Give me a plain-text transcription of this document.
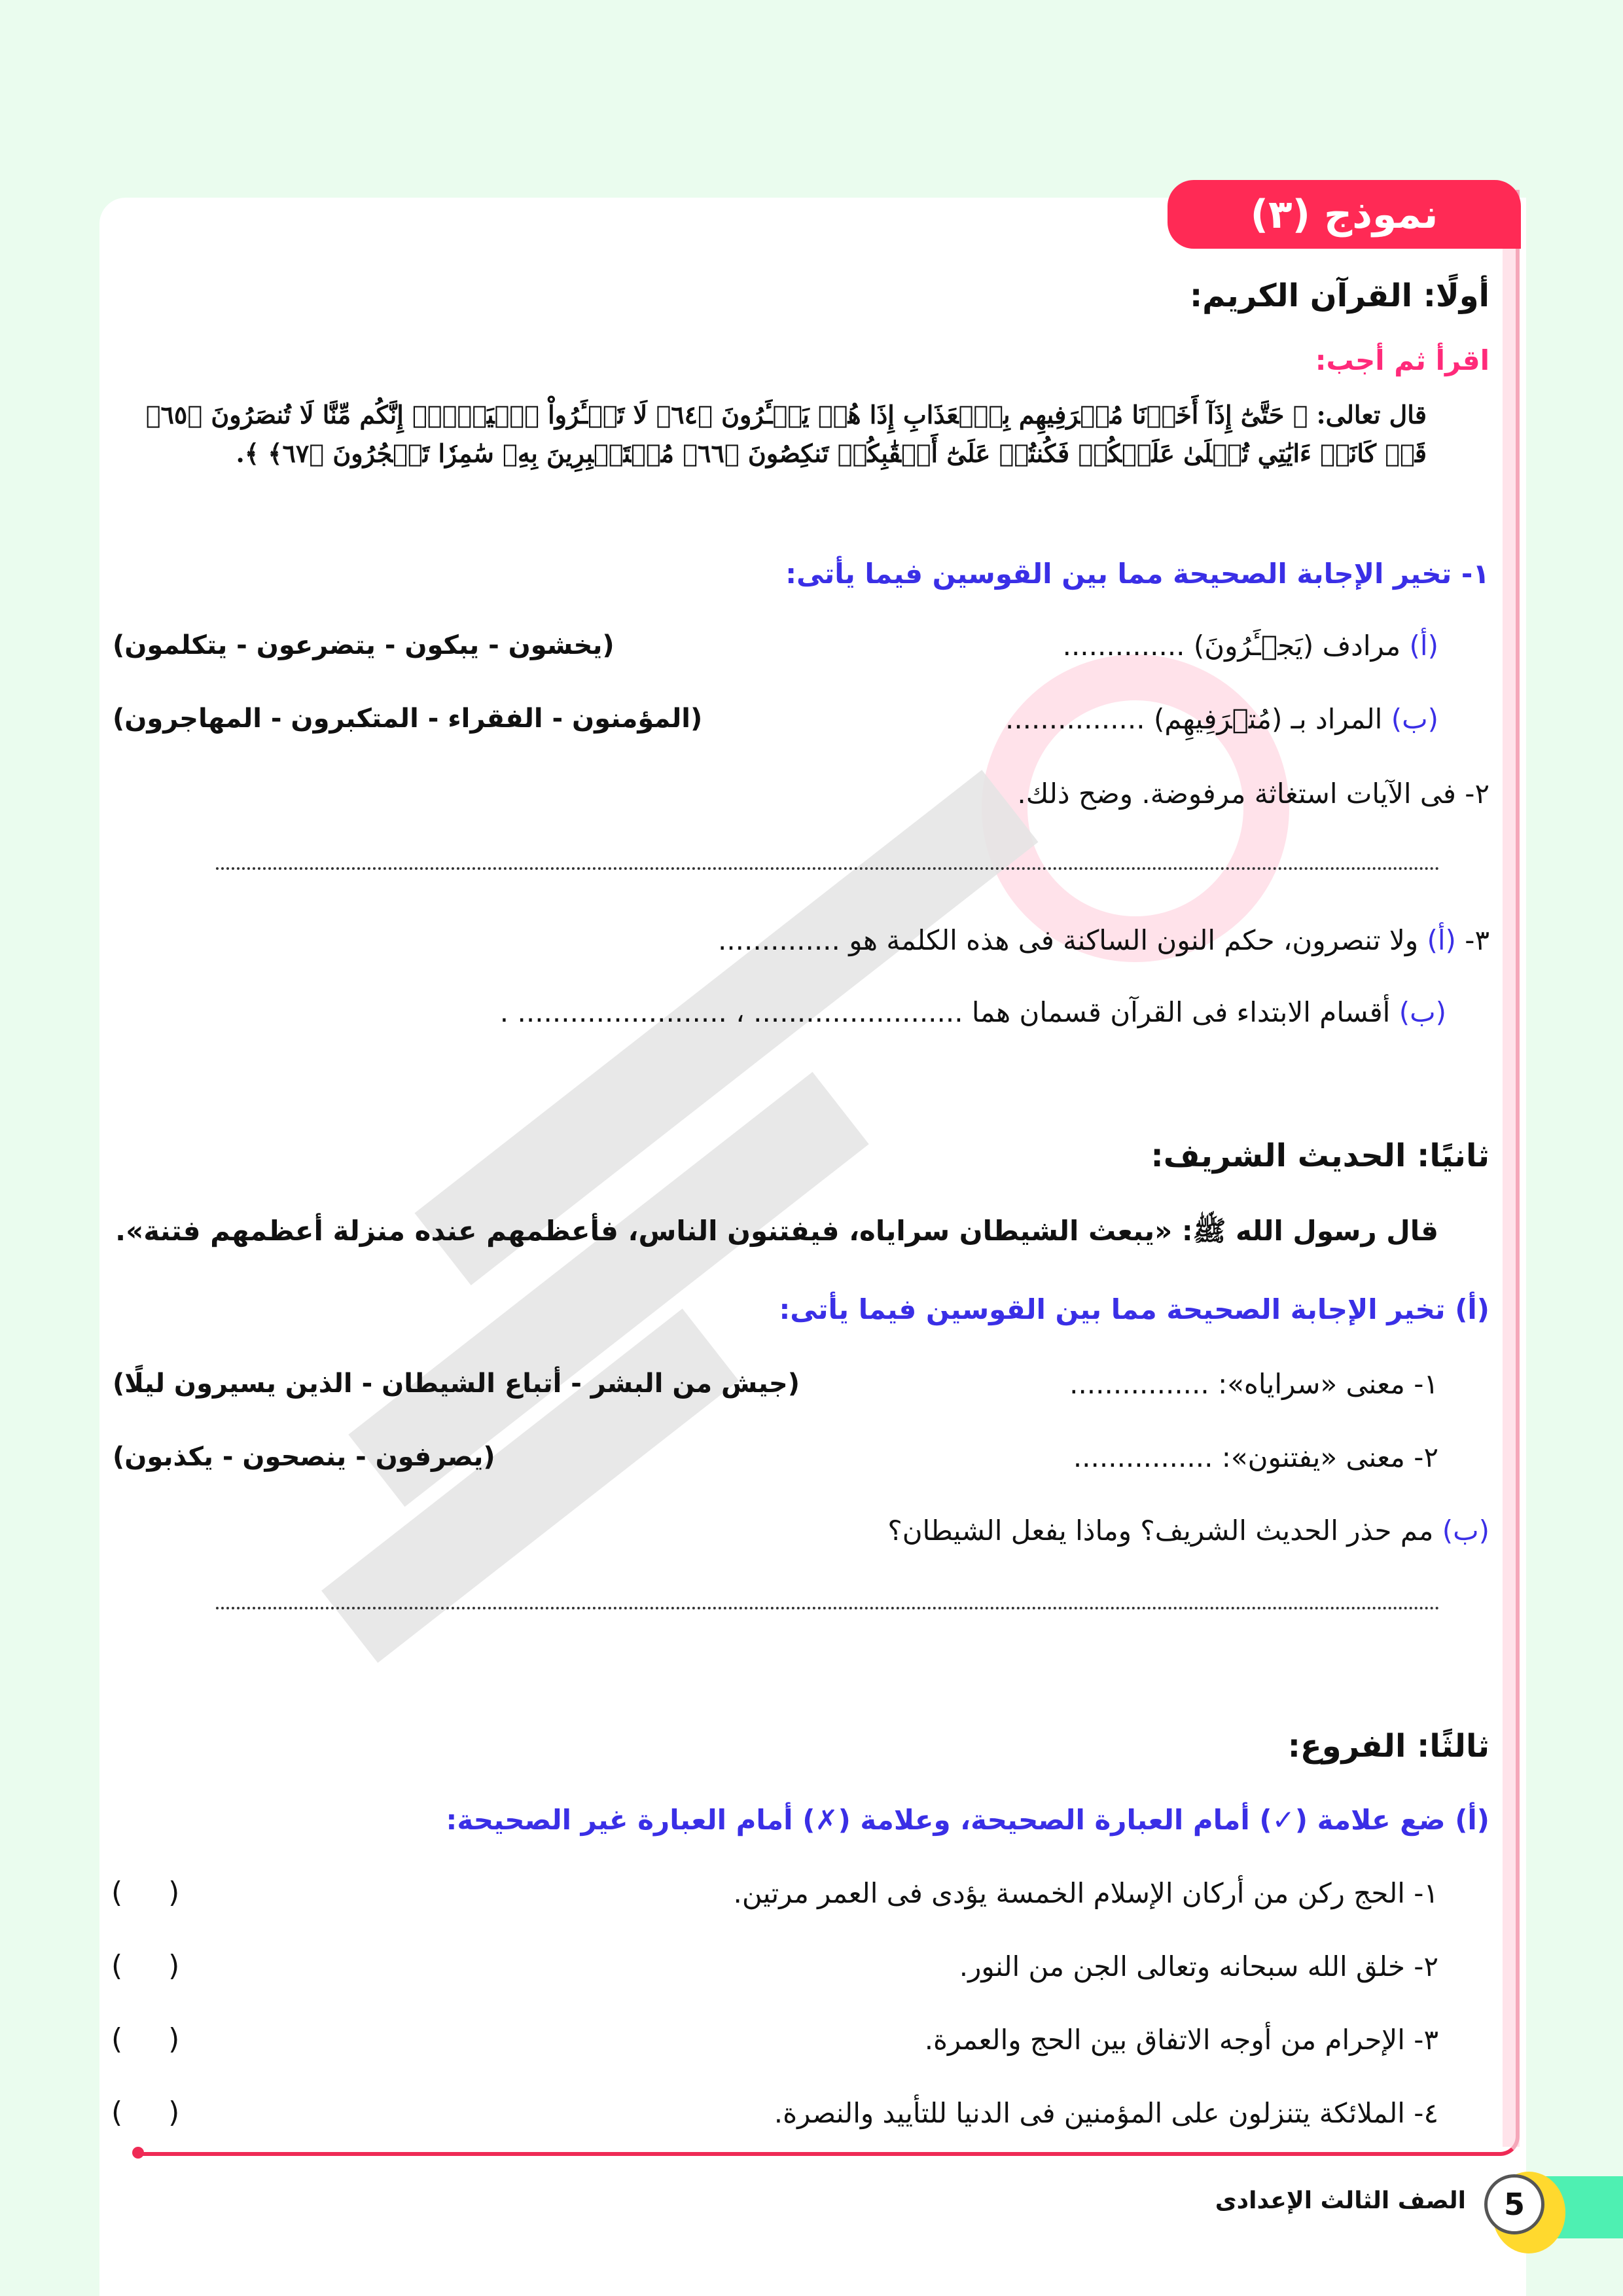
نموذج (٣)
أولًا: القرآن الكريم:
اقرأ ثم أجب:
قال تعالى: ﴿ حَتَّىٰٓ إِذَآ أَخَذۡنَا مُتۡرَفِيهِم بِٱلۡعَذَابِ إِذَا هُمۡ يَجۡـَٔرُونَ ﴿٦٤﴾ لَا تَجۡـَٔرُواْ ٱلۡيَوۡمَۖ إِنَّكُم مِّنَّا لَا تُنصَرُونَ ﴿٦٥﴾ قَدۡ كَانَتۡ ءَايَٰتِي تُتۡلَىٰ عَلَيۡكُمۡ فَكُنتُمۡ عَلَىٰٓ أَعۡقَٰبِكُمۡ تَنكِصُونَ ﴿٦٦﴾ مُسۡتَكۡبِرِينَ بِهِۦ سَٰمِرٗا تَهۡجُرُونَ ﴿٦٧﴾ ﴾.
١- تخير الإجابة الصحيحة مما بين القوسين فيما يأتى:
(أ) مرادف (يَجۡـَٔرُونَ) ..............
(يخشون - يبكون - يتضرعون - يتكلمون)
(ب) المراد بـ (مُتۡرَفِيهِم) ................
(المؤمنون - الفقراء - المتكبرون - المهاجرون)
٢- فى الآيات استغاثة مرفوضة. وضح ذلك.
٣- (أ) ولا تنصرون، حكم النون الساكنة فى هذه الكلمة هو ..............
(ب) أقسام الابتداء فى القرآن قسمان هما ........................ ، ........................ .
ثانيًا: الحديث الشريف:
قال رسول الله ﷺ: «يبعث الشيطان سراياه، فيفتنون الناس، فأعظمهم عنده منزلة أعظمهم فتنة».
(أ) تخير الإجابة الصحيحة مما بين القوسين فيما يأتى:
١- معنى «سراياه»: ................
(جيش من البشر - أتباع الشيطان - الذين يسيرون ليلًا)
٢- معنى «يفتنون»: ................
(يصرفون - ينصحون - يكذبون)
(ب) مم حذر الحديث الشريف؟ وماذا يفعل الشيطان؟
ثالثًا: الفروع:
(أ) ضع علامة (✓) أمام العبارة الصحيحة، وعلامة (✗) أمام العبارة غير الصحيحة:
١- الحج ركن من أركان الإسلام الخمسة يؤدى فى العمر مرتين.
(     )
٢- خلق الله سبحانه وتعالى الجن من النور.
(     )
٣- الإحرام من أوجه الاتفاق بين الحج والعمرة.
(     )
٤- الملائكة يتنزلون على المؤمنين فى الدنيا للتأييد والنصرة.
(     )
5
الصف الثالث الإعدادى
